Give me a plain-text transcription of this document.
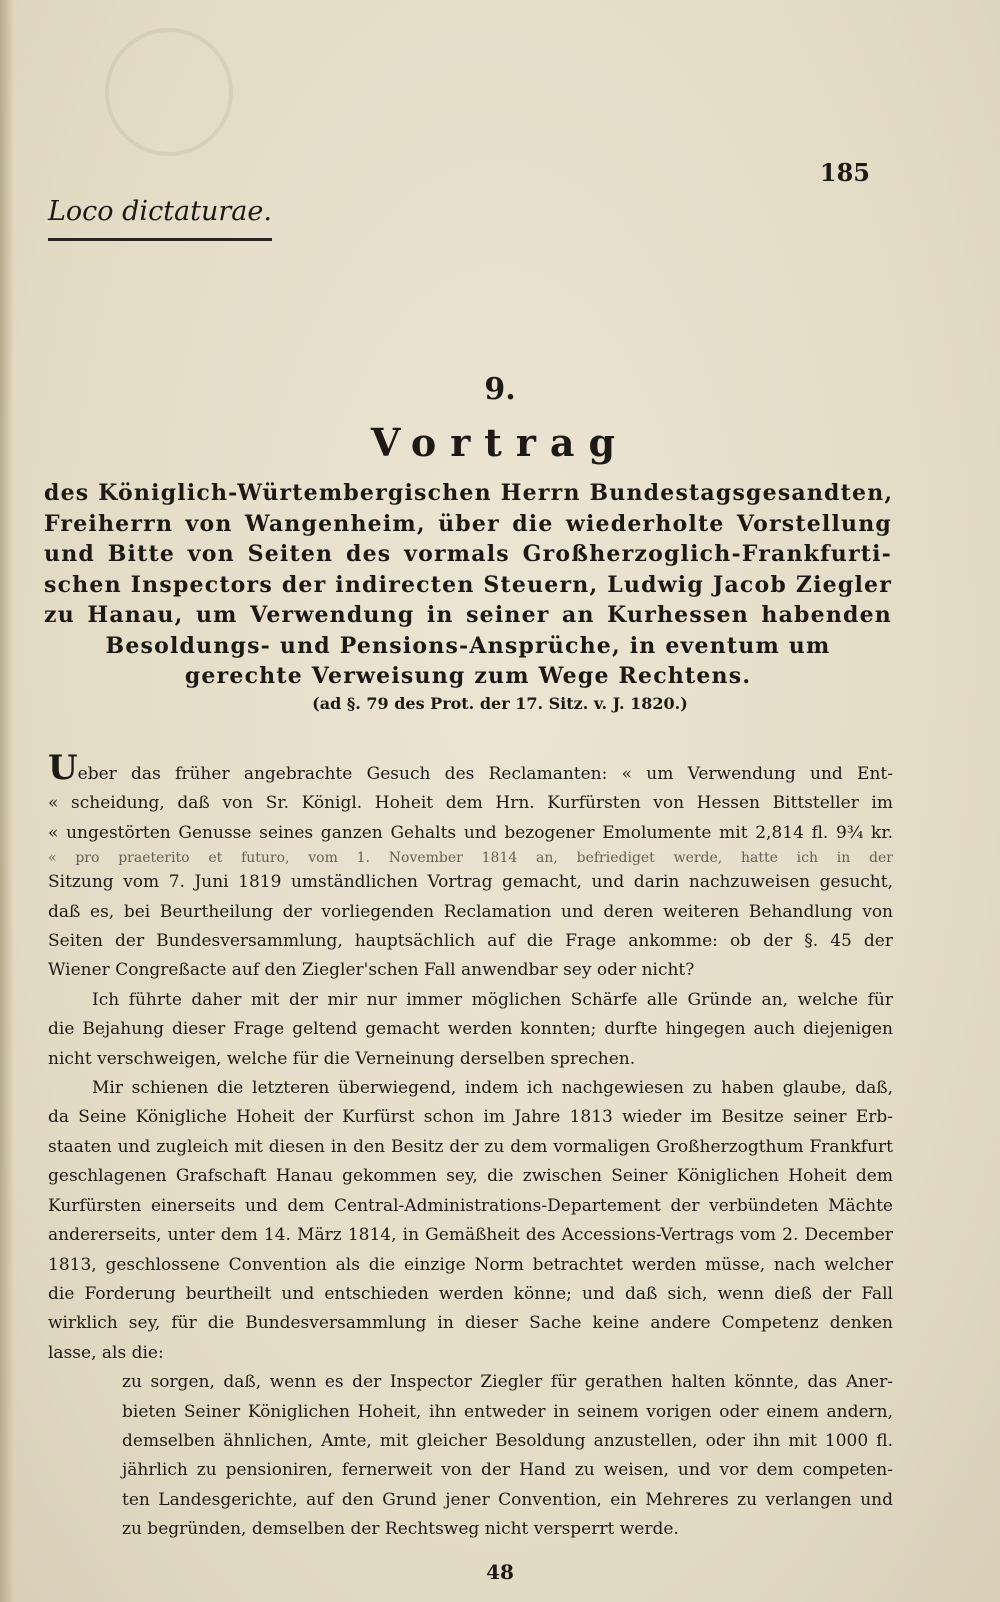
185
Loco dictaturae.
9.
Vortrag
des Königlich-Würtembergischen Herrn Bundestagsgesandten,
Freiherrn von Wangenheim, über die wiederholte Vorstellung
und Bitte von Seiten des vormals Großherzoglich-Frankfurti-
schen Inspectors der indirecten Steuern, Ludwig Jacob Ziegler
zu Hanau, um Verwendung in seiner an Kurhessen habenden
Besoldungs- und Pensions-Ansprüche, in eventum um
gerechte Verweisung zum Wege Rechtens.
(ad §. 79 des Prot. der 17. Sitz. v. J. 1820.)
Ueber das früher angebrachte Gesuch des Reclamanten: « um Verwendung und Ent-
« scheidung, daß von Sr. Königl. Hoheit dem Hrn. Kurfürsten von Hessen Bittsteller im
« ungestörten Genusse seines ganzen Gehalts und bezogener Emolumente mit 2,814 fl. 9¾ kr.
« pro praeterito et futuro, vom 1. November 1814 an, befriediget werde, hatte ich in der
Sitzung vom 7. Juni 1819 umständlichen Vortrag gemacht, und darin nachzuweisen gesucht,
daß es, bei Beurtheilung der vorliegenden Reclamation und deren weiteren Behandlung von
Seiten der Bundesversammlung, hauptsächlich auf die Frage ankomme: ob der §. 45 der
Wiener Congreßacte auf den Ziegler'schen Fall anwendbar sey oder nicht?
Ich führte daher mit der mir nur immer möglichen Schärfe alle Gründe an, welche für
die Bejahung dieser Frage geltend gemacht werden konnten; durfte hingegen auch diejenigen
nicht verschweigen, welche für die Verneinung derselben sprechen.
Mir schienen die letzteren überwiegend, indem ich nachgewiesen zu haben glaube, daß,
da Seine Königliche Hoheit der Kurfürst schon im Jahre 1813 wieder im Besitze seiner Erb-
staaten und zugleich mit diesen in den Besitz der zu dem vormaligen Großherzogthum Frankfurt
geschlagenen Grafschaft Hanau gekommen sey, die zwischen Seiner Königlichen Hoheit dem
Kurfürsten einerseits und dem Central-Administrations-Departement der verbündeten Mächte
andererseits, unter dem 14. März 1814, in Gemäßheit des Accessions-Vertrags vom 2. December
1813, geschlossene Convention als die einzige Norm betrachtet werden müsse, nach welcher
die Forderung beurtheilt und entschieden werden könne; und daß sich, wenn dieß der Fall
wirklich sey, für die Bundesversammlung in dieser Sache keine andere Competenz denken
lasse, als die:
zu sorgen, daß, wenn es der Inspector Ziegler für gerathen halten könnte, das Aner-
bieten Seiner Königlichen Hoheit, ihn entweder in seinem vorigen oder einem andern,
demselben ähnlichen, Amte, mit gleicher Besoldung anzustellen, oder ihn mit 1000 fl.
jährlich zu pensioniren, fernerweit von der Hand zu weisen, und vor dem competen-
ten Landesgerichte, auf den Grund jener Convention, ein Mehreres zu verlangen und
zu begründen, demselben der Rechtsweg nicht versperrt werde.
48
